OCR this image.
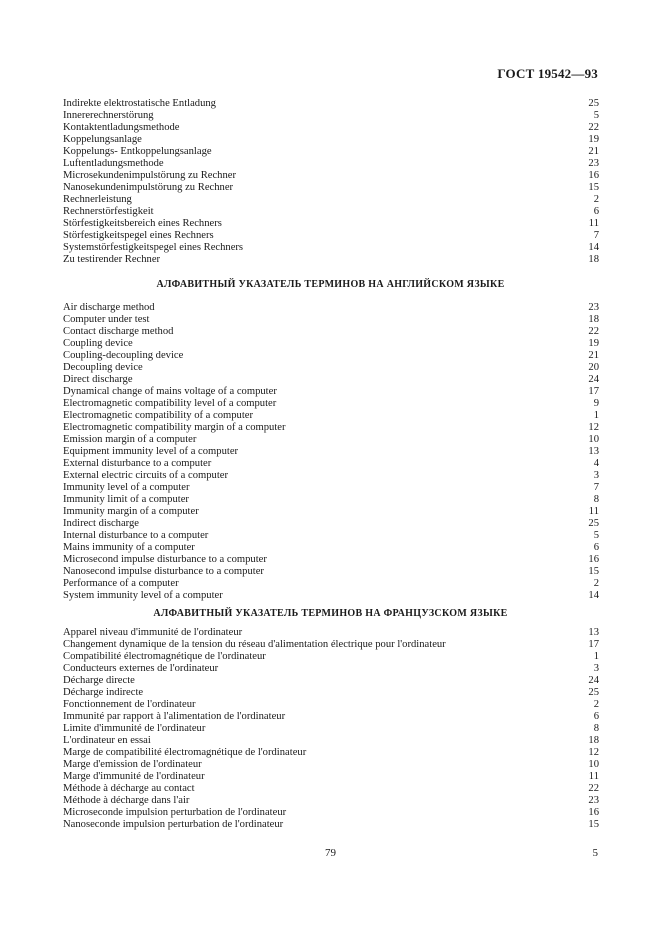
ГОСТ 19542—93
Indirekte elektrostatische Entladung	25
Innererechnerstörung	5
Kontaktentladungsmethode	22
Koppelungsanlage	19
Koppelungs- Entkoppelungsanlage	21
Luftentladungsmethode	23
Microsekundenimpulstörung zu Rechner	16
Nanosekundenimpulstörung zu Rechner	15
Rechnerleistung	2
Rechnerstörfestigkeit	6
Störfestigkeitsbereich eines Rechners	11
Störfestigkeitspegel eines Rechners	7
Systemstörfestigkeitspegel eines Rechners	14
Zu testirender Rechner	18
АЛФАВИТНЫЙ УКАЗАТЕЛЬ ТЕРМИНОВ НА АНГЛИЙСКОМ ЯЗЫКЕ
Air discharge method	23
Computer under test	18
Contact discharge method	22
Coupling device	19
Coupling-decoupling device	21
Decoupling device	20
Direct discharge	24
Dynamical change of mains voltage of a computer	17
Electromagnetic compatibility level of a computer	9
Electromagnetic compatibility of a computer	1
Electromagnetic compatibility margin of a computer	12
Emission margin of a computer	10
Equipment immunity level of a computer	13
External disturbance to a computer	4
External electric circuits of a computer	3
Immunity level of a computer	7
Immunity limit of a computer	8
Immunity margin of a computer	11
Indirect discharge	25
Internal disturbance to a computer	5
Mains immunity of a computer	6
Microsecond impulse disturbance to a computer	16
Nanosecond impulse disturbance to a computer	15
Performance of a computer	2
System immunity level of a computer	14
АЛФАВИТНЫЙ УКАЗАТЕЛЬ ТЕРМИНОВ НА ФРАНЦУЗСКОМ ЯЗЫКЕ
Apparel niveau d'immunité de l'ordinateur	13
Changement dynamique de la tension du réseau d'alimentation électrique pour l'ordinateur	17
Compatibilité électromagnétique de l'ordinateur	1
Conducteurs externes de l'ordinateur	3
Décharge directe	24
Décharge indirecte	25
Fonctionnement de l'ordinateur	2
Immunité par rapport à l'alimentation de l'ordinateur	6
Limite d'immunité de l'ordinateur	8
L'ordinateur en essai	18
Marge de compatibilité électromagnétique de l'ordinateur	12
Marge d'emission de l'ordinateur	10
Marge d'immunité de l'ordinateur	11
Méthode à décharge au contact	22
Méthode à décharge dans l'air	23
Microseconde impulsion perturbation de l'ordinateur	16
Nanoseconde impulsion perturbation de l'ordinateur	15
79	5
